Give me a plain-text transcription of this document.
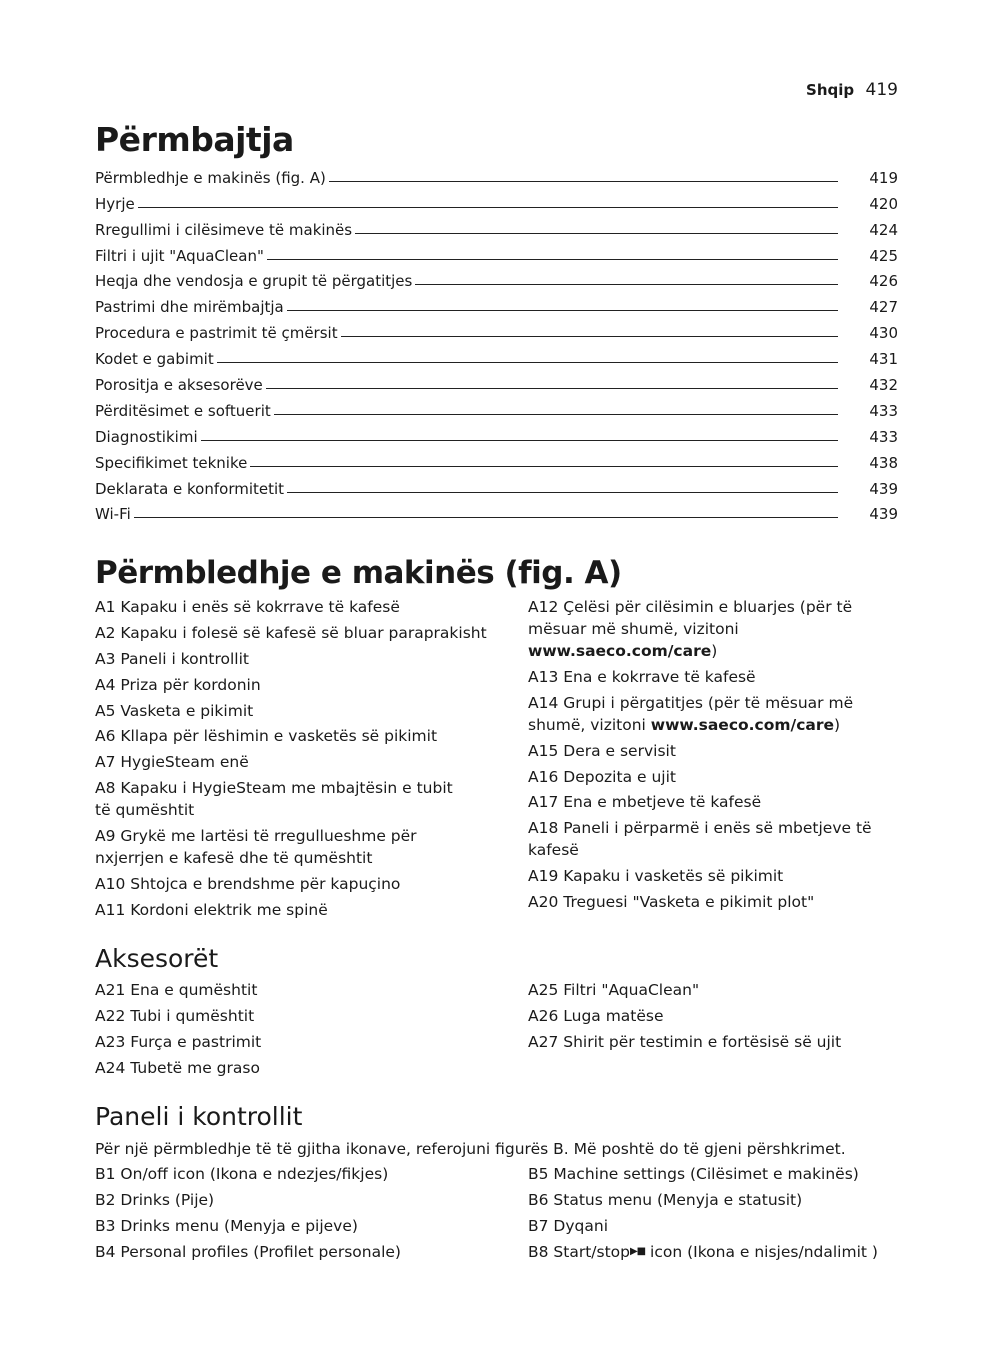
Shqip 419
Përmbajtja
Përmbledhje e makinës (fig. A)	419
Hyrje	420
Rregullimi i cilësimeve të makinës	424
Filtri i ujit "AquaClean"	425
Heqja dhe vendosja e grupit të përgatitjes	426
Pastrimi dhe mirëmbajtja	427
Procedura e pastrimit të çmërsit	430
Kodet e gabimit	431
Porositja e aksesorëve	432
Përditësimet e softuerit	433
Diagnostikimi	433
Specifikimet teknike	438
Deklarata e konformitetit	439
Wi-Fi	439
Përmbledhje e makinës (fig. A)
A1 Kapaku i enës së kokrrave të kafesë
A2 Kapaku i folesë së kafesë së bluar paraprakisht
A3 Paneli i kontrollit
A4 Priza për kordonin
A5 Vasketa e pikimit
A6 Kllapa për lëshimin e vasketës së pikimit
A7 HygieSteam enë
A8 Kapaku i HygieSteam me mbajtësin e tubit të qumështit
A9 Grykë me lartësi të rregullueshme për nxjerrjen e kafesë dhe të qumështit
A10 Shtojca e brendshme për kapuçino
A11 Kordoni elektrik me spinë
A12 Çelësi për cilësimin e bluarjes (për të mësuar më shumë, vizitoni www.saeco.com/care)
A13 Ena e kokrrave të kafesë
A14 Grupi i përgatitjes (për të mësuar më shumë, vizitoni www.saeco.com/care)
A15 Dera e servisit
A16 Depozita e ujit
A17 Ena e mbetjeve të kafesë
A18 Paneli i përparmë i enës së mbetjeve të kafesë
A19 Kapaku i vasketës së pikimit
A20 Treguesi "Vasketa e pikimit plot"
Aksesorët
A21 Ena e qumështit
A22 Tubi i qumështit
A23 Furça e pastrimit
A24 Tubetë me graso
A25 Filtri "AquaClean"
A26 Luga matëse
A27 Shirit për testimin e fortësisë së ujit
Paneli i kontrollit
Për një përmbledhje të të gjitha ikonave, referojuni figurës B. Më poshtë do të gjeni përshkrimet.
B1 On/off icon (Ikona e ndezjes/fikjes)
B2 Drinks (Pije)
B3 Drinks menu (Menyja e pijeve)
B4 Personal profiles (Profilet personale)
B5 Machine settings (Cilësimet e makinës)
B6 Status menu (Menyja e statusit)
B7 Dyqani
B8 Start/stop▶■ icon (Ikona e nisjes/ndalimit )
